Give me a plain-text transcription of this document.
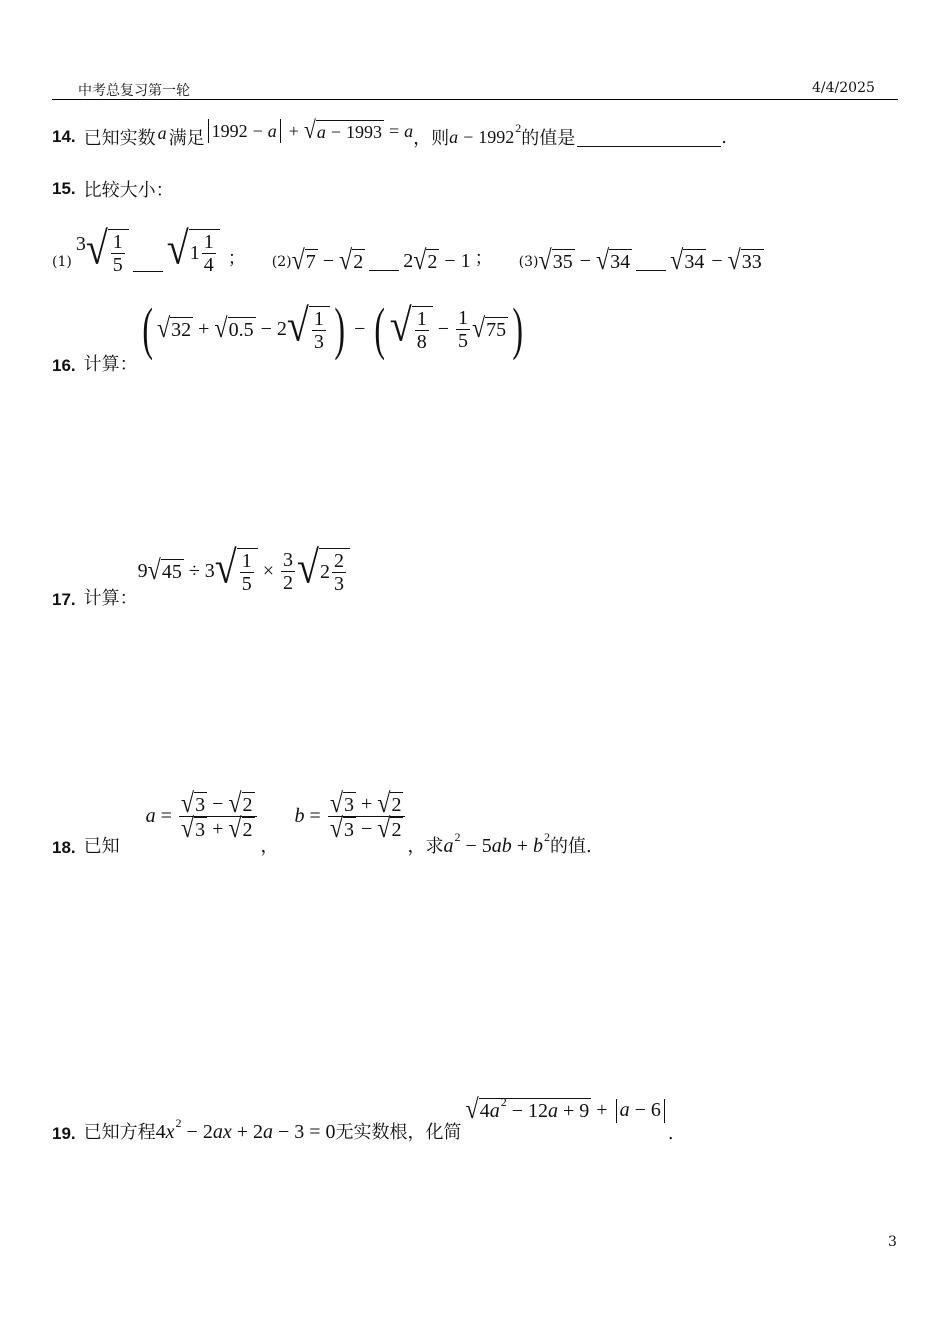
中考总复习第一轮	4/4/2025
14. 已知实数 a 满足 1992 − a + √ a − 1993 = a ，则 a − 1992 2
的值是	.
15. 比较大小：
(1)
3 √ $\frac{1}{5}$ √ $1 \frac{1}{4}$ ； (2) √ 7 − √ 2 2 √ 2 − 1 ； (3) √ 35 − √ 34 √ 34 − √ 33
16. 计算：
( √ 32 + √ 0.5 − 2 √ $\frac{1}{3}$ ) − ( √ $\frac{1}{8} - \frac{1}{5}$ √ 75 )
17. 计算：
9 √ 45 ÷ 3 √ $\frac{1}{5} \times \frac{3}{2}$ √ $2 \frac{2}{3}$
18. 已知
$a = \frac{√ 3 - √ 2}{√ 3 + √ 2}$
，
$b = \frac{√ 3 + √ 2}{√ 3 - √ 2}$
，求 a 2 − 5 ab + b 2 的值.
19. 已知方程 4 x 2 − 2 ax + 2 a − 3 = 0 无实数根，化简
√ 4 a 2 − 12 a + 9 + a − 6
.
3
